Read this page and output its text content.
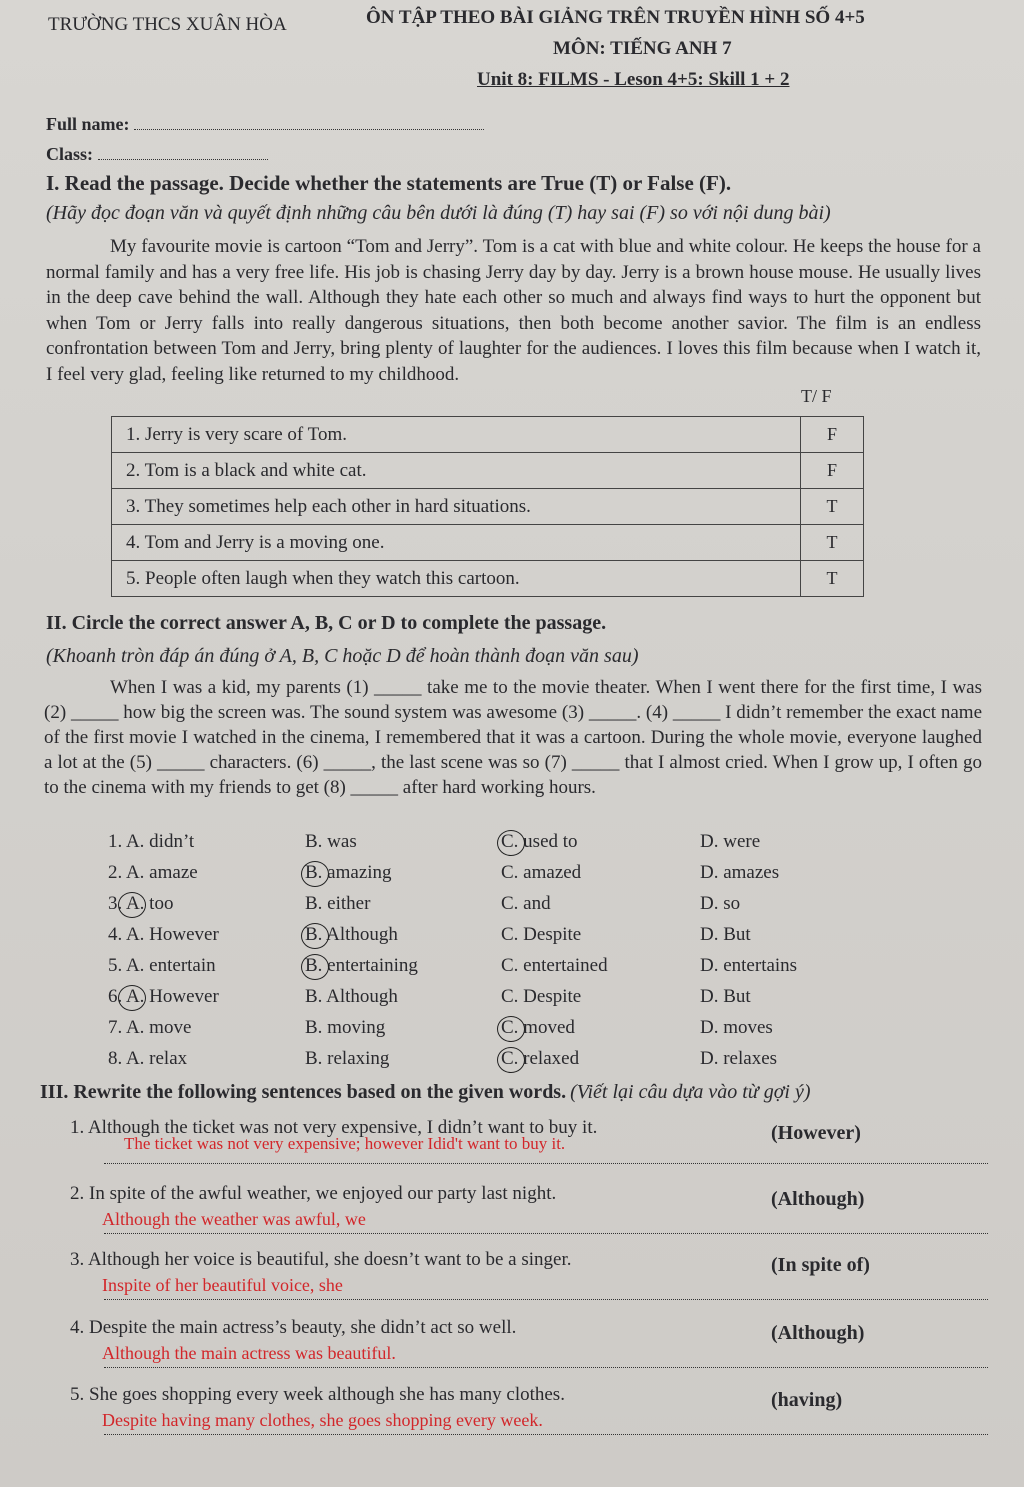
TRƯỜNG THCS XUÂN HÒA	ÔN TẬP THEO BÀI GIẢNG TRÊN TRUYỀN HÌNH SỐ 4+5
MÔN: TIẾNG ANH 7
Unit 8: FILMS - Leson 4+5: Skill 1 + 2
Full name:
Class:
I. Read the passage. Decide whether the statements are True (T) or False (F).
(Hãy đọc đoạn văn và quyết định những câu bên dưới là đúng (T) hay sai (F) so với nội dung bài)
My favourite movie is cartoon “Tom and Jerry”. Tom is a cat with blue and white colour. He keeps the house for a normal family and has a very free life. His job is chasing Jerry day by day. Jerry is a brown house mouse. He usually lives in the deep cave behind the wall. Although they hate each other so much and always find ways to hurt the opponent but when Tom or Jerry falls into really dangerous situations, then both become another savior. The film is an endless confrontation between Tom and Jerry, bring plenty of laughter for the audiences. I loves this film because when I watch it, I feel very glad, feeling like returned to my childhood.
T/ F
1. Jerry is very scare of Tom.	F
2. Tom is a black and white cat.	F
3. They sometimes help each other in hard situations.	T
4. Tom and Jerry is a moving one.	T
5. People often laugh when they watch this cartoon.	T
II. Circle the correct answer A, B, C or D to complete the passage.
(Khoanh tròn đáp án đúng ở A, B, C hoặc D để hoàn thành đoạn văn sau)
When I was a kid, my parents (1) _____ take me to the movie theater. When I went there for the first time, I was (2) _____ how big the screen was. The sound system was awesome (3) _____. (4) _____ I didn’t remember the exact name of the first movie I watched in the cinema, I remembered that it was a cartoon. During the whole movie, everyone laughed a lot at the (5) _____ characters. (6) _____, the last scene was so (7) _____ that I almost cried. When I grow up, I often go to the cinema with my friends to get (8) _____ after hard working hours.
1. A. didn’t	B. was	C. used to	D. were
2. A. amaze	B. amazing	C. amazed	D. amazes
3. A. too	B. either	C. and	D. so
4. A. However	B. Although	C. Despite	D. But
5. A. entertain	B. entertaining	C. entertained	D. entertains
6. A. However	B. Although	C. Despite	D. But
7. A. move	B. moving	C. moved	D. moves
8. A. relax	B. relaxing	C. relaxed	D. relaxes
III. Rewrite the following sentences based on the given words. (Viết lại câu dựa vào từ gợi ý)
1. Although the ticket was not very expensive, I didn’t want to buy it.	(However)
The ticket was not very expensive; however Idid't want to buy it.
2. In spite of the awful weather, we enjoyed our party last night.	(Although)
Although the weather was awful, we
3. Although her voice is beautiful, she doesn’t want to be a singer.	(In spite of)
Inspite of her beautiful voice, she
4. Despite the main actress’s beauty, she didn’t act so well.	(Although)
Although the main actress was beautiful.
5. She goes shopping every week although she has many clothes.	(having)
Despite having many clothes, she goes shopping every week.
